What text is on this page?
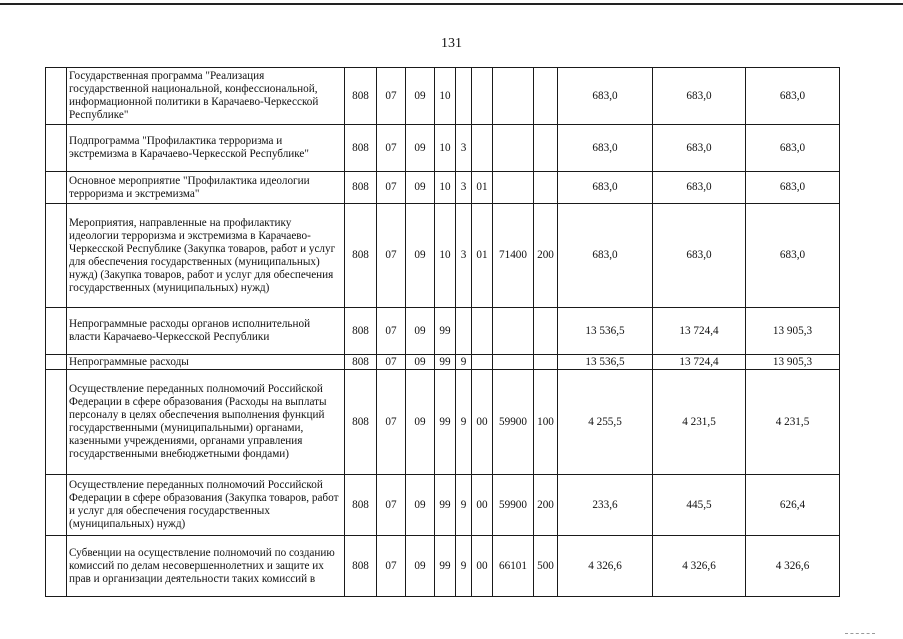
131
	Государственная программа "Реализация государственной национальной, конфессиональной, информационной политики в Карачаево-Черкесской Республике"	808	07	09	10					683,0	683,0	683,0
	Подпрограмма "Профилактика терроризма и экстремизма в Карачаево-Черкесской Республике"	808	07	09	10	3				683,0	683,0	683,0
	Основное мероприятие "Профилактика идеологии терроризма и экстремизма"	808	07	09	10	3	01			683,0	683,0	683,0
	Мероприятия, направленные на профилактику идеологии терроризма и экстремизма в Карачаево-Черкесской Республике (Закупка товаров, работ и услуг для обеспечения государственных (муниципальных) нужд) (Закупка товаров, работ и услуг для обеспечения государственных (муниципальных) нужд)	808	07	09	10	3	01	71400	200	683,0	683,0	683,0
	Непрограммные расходы органов исполнительной власти Карачаево-Черкесской Республики	808	07	09	99					13 536,5	13 724,4	13 905,3
	Непрограммные расходы	808	07	09	99	9				13 536,5	13 724,4	13 905,3
	Осуществление переданных полномочий Российской Федерации в сфере образования (Расходы на выплаты персоналу в целях обеспечения выполнения функций государственными (муниципальными) органами, казенными учреждениями, органами управления государственными внебюджетными фондами)	808	07	09	99	9	00	59900	100	4 255,5	4 231,5	4 231,5
	Осуществление переданных полномочий Российской Федерации в сфере образования (Закупка товаров, работ и услуг для обеспечения государственных (муниципальных) нужд)	808	07	09	99	9	00	59900	200	233,6	445,5	626,4
	Субвенции на осуществление полномочий по созданию комиссий по делам несовершеннолетних и защите их прав и организации деятельности таких комиссий в	808	07	09	99	9	00	66101	500	4 326,6	4 326,6	4 326,6
